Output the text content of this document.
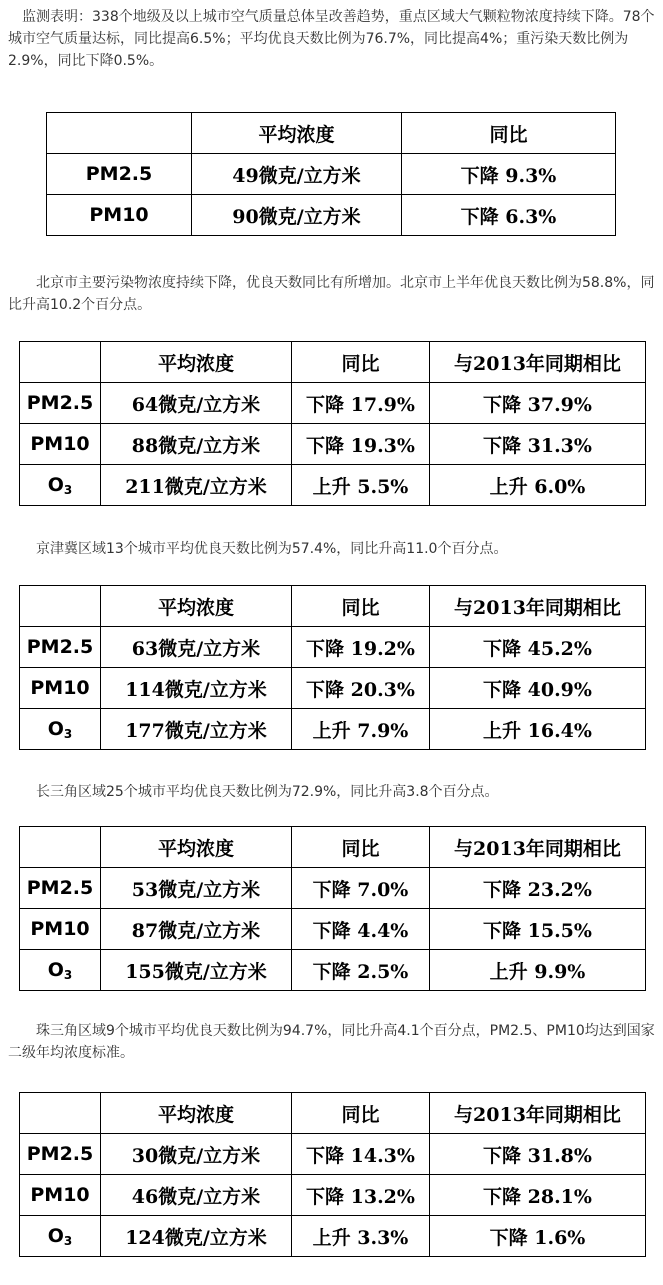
　监测表明：338个地级及以上城市空气质量总体呈改善趋势，重点区域大气颗粒物浓度持续下降。78个城市空气质量达标，同比提高6.5%；平均优良天数比例为76.7%，同比提高4%；重污染天数比例为2.9%，同比下降0.5%。
	平均浓度	同比
PM2.5	49微克/立方米	下降 9.3%
PM10	90微克/立方米	下降 6.3%
　　北京市主要污染物浓度持续下降，优良天数同比有所增加。北京市上半年优良天数比例为58.8%，同比升高10.2个百分点。
	平均浓度	同比	与2013年同期相比
PM2.5	64微克/立方米	下降 17.9%	下降 37.9%
PM10	88微克/立方米	下降 19.3%	下降 31.3%
$O_3$	211微克/立方米	上升 5.5%	上升 6.0%
　　京津冀区域13个城市平均优良天数比例为57.4%，同比升高11.0个百分点。
	平均浓度	同比	与2013年同期相比
PM2.5	63微克/立方米	下降 19.2%	下降 45.2%
PM10	114微克/立方米	下降 20.3%	下降 40.9%
$O_3$	177微克/立方米	上升 7.9%	上升 16.4%
　　长三角区域25个城市平均优良天数比例为72.9%，同比升高3.8个百分点。
	平均浓度	同比	与2013年同期相比
PM2.5	53微克/立方米	下降 7.0%	下降 23.2%
PM10	87微克/立方米	下降 4.4%	下降 15.5%
$O_3$	155微克/立方米	下降 2.5%	上升 9.9%
　　珠三角区域9个城市平均优良天数比例为94.7%，同比升高4.1个百分点，PM2.5、PM10均达到国家二级年均浓度标准。
	平均浓度	同比	与2013年同期相比
PM2.5	30微克/立方米	下降 14.3%	下降 31.8%
PM10	46微克/立方米	下降 13.2%	下降 28.1%
$O_3$	124微克/立方米	上升 3.3%	下降 1.6%
